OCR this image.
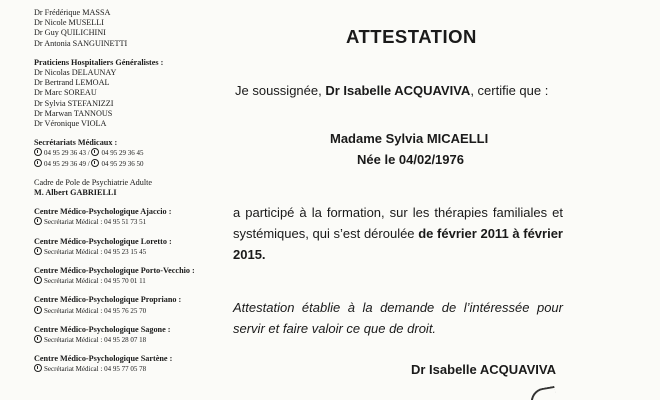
Dr Frédérique MASSA
Dr Nicole MUSELLI
Dr Guy QUILICHINI
Dr Antonia SANGUINETTI
Praticiens Hospitaliers Généralistes :
Dr Nicolas DELAUNAY
Dr Bertrand LEMOAL
Dr Marc SOREAU
Dr Sylvia STEFANIZZI
Dr Marwan TANNOUS
Dr Véronique VIOLA
Secrétariats Médicaux :
04 95 29 36 43 / 04 95 29 36 45
04 95 29 36 49 / 04 95 29 36 50
Cadre de Pole de Psychiatrie Adulte
M. Albert GABRIELLI
Centre Médico-Psychologique Ajaccio :
Secrétariat Médical : 04 95 51 73 51
Centre Médico-Psychologique Loretto :
Secrétariat Médical : 04 95 23 15 45
Centre Médico-Psychologique Porto-Vecchio :
Secrétariat Médical : 04 95 70 01 11
Centre Médico-Psychologique Propriano :
Secrétariat Médical : 04 95 76 25 70
Centre Médico-Psychologique Sagone :
Secrétariat Médical : 04 95 28 07 18
Centre Médico-Psychologique Sartène :
Secrétariat Médical : 04 95 77 05 78
ATTESTATION
Je soussignée, Dr Isabelle ACQUAVIVA, certifie que :
Madame Sylvia MICAELLI
Née le 04/02/1976
a participé à la formation, sur les thérapies familiales et systémiques, qui s’est déroulée de février 2011 à février 2015.
Attestation établie à la demande de l’intéressée pour servir et faire valoir ce que de droit.
Dr Isabelle ACQUAVIVA
